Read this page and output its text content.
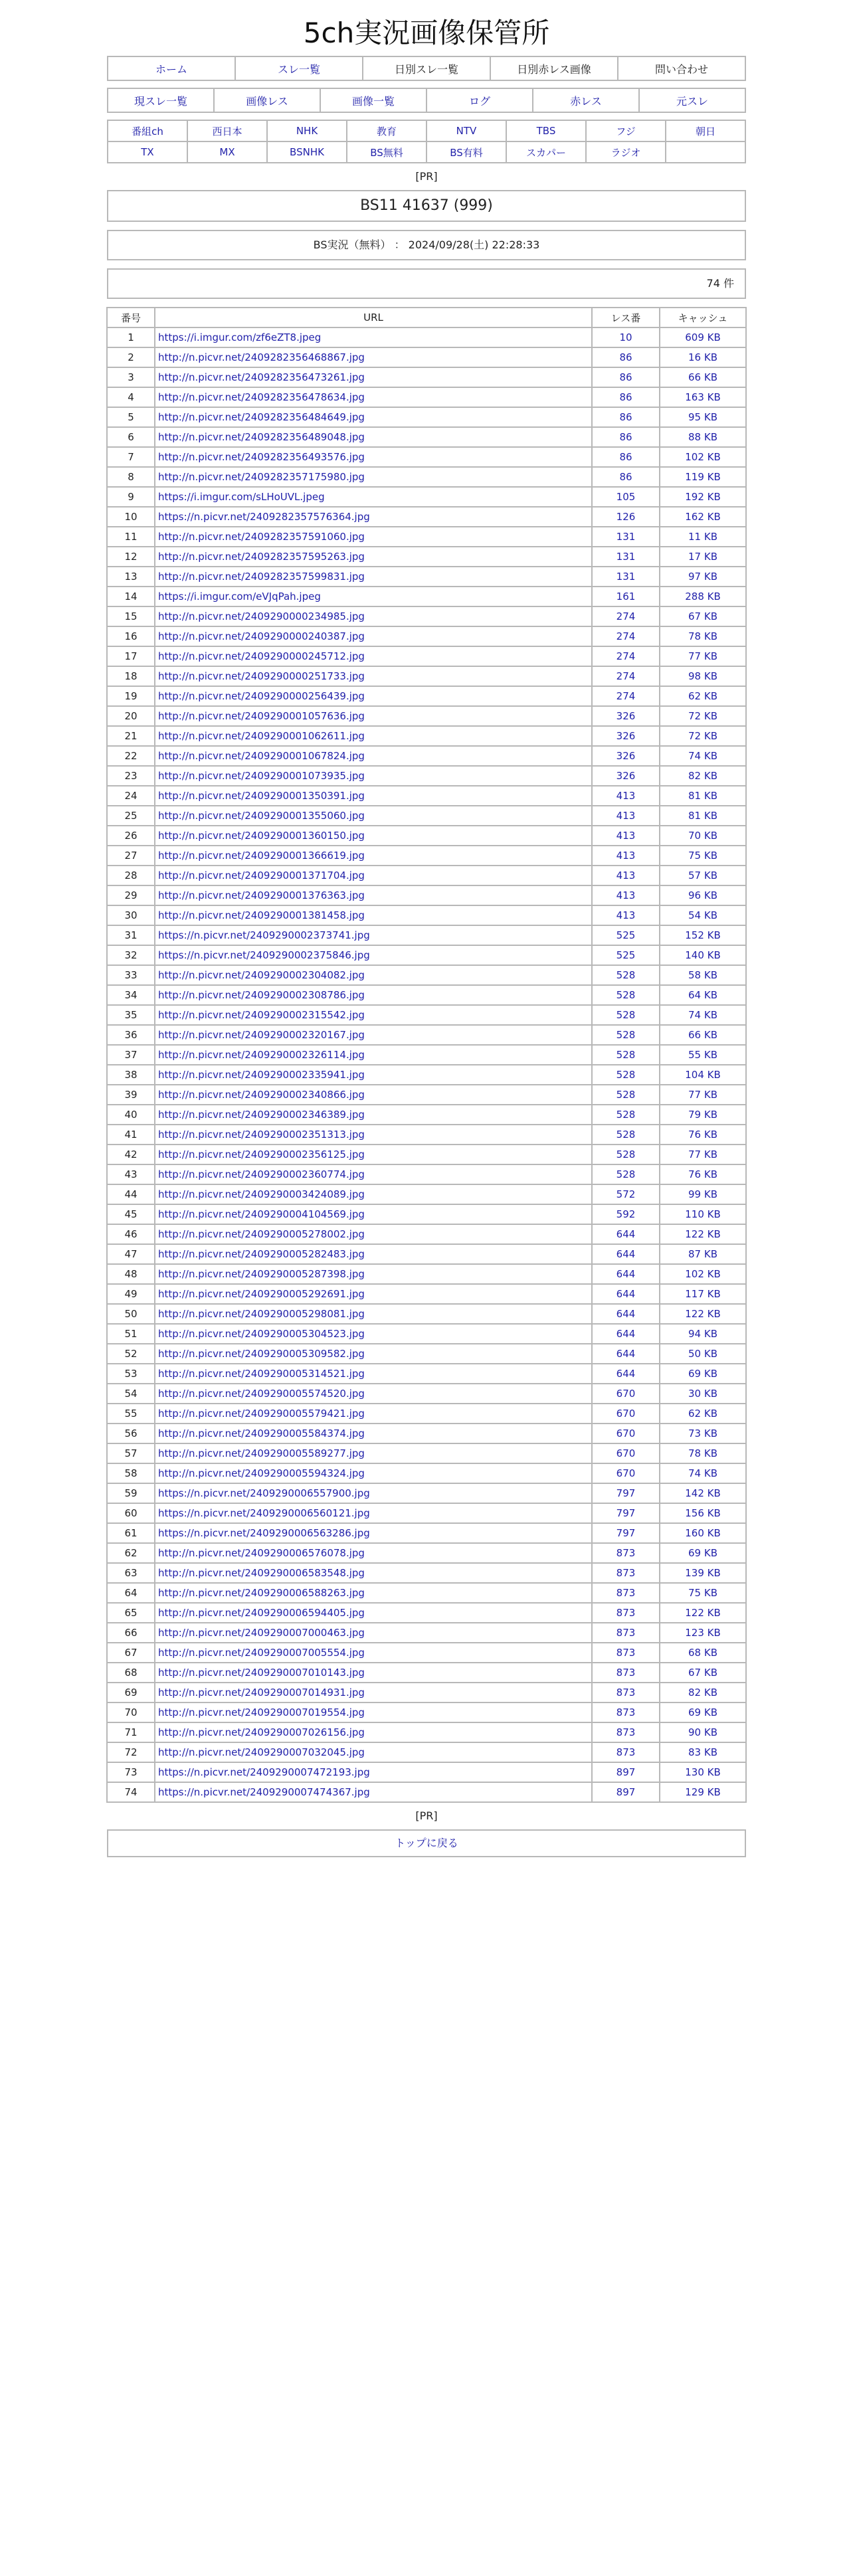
5ch実況画像保管所
ホーム	スレ一覧	日別スレ一覧	日別赤レス画像	問い合わせ
現スレ一覧	画像レス	画像一覧	ログ	赤レス	元スレ
番組ch	西日本	NHK	教育	NTV	TBS	フジ	朝日
TX	MX	BSNHK	BS無料	BS有料	スカパー	ラジオ	
[PR]
BS11 41637 (999)
BS実況（無料） ： 2024/09/28(土) 22:28:33
74 件
番号	URL	レス番	キャッシュ
1	https://i.imgur.com/zf6eZT8.jpeg	10	609 KB
2	http://n.picvr.net/2409282356468867.jpg	86	16 KB
3	http://n.picvr.net/2409282356473261.jpg	86	66 KB
4	http://n.picvr.net/2409282356478634.jpg	86	163 KB
5	http://n.picvr.net/2409282356484649.jpg	86	95 KB
6	http://n.picvr.net/2409282356489048.jpg	86	88 KB
7	http://n.picvr.net/2409282356493576.jpg	86	102 KB
8	http://n.picvr.net/2409282357175980.jpg	86	119 KB
9	https://i.imgur.com/sLHoUVL.jpeg	105	192 KB
10	https://n.picvr.net/2409282357576364.jpg	126	162 KB
11	http://n.picvr.net/2409282357591060.jpg	131	11 KB
12	http://n.picvr.net/2409282357595263.jpg	131	17 KB
13	http://n.picvr.net/2409282357599831.jpg	131	97 KB
14	https://i.imgur.com/eVJqPah.jpeg	161	288 KB
15	http://n.picvr.net/2409290000234985.jpg	274	67 KB
16	http://n.picvr.net/2409290000240387.jpg	274	78 KB
17	http://n.picvr.net/2409290000245712.jpg	274	77 KB
18	http://n.picvr.net/2409290000251733.jpg	274	98 KB
19	http://n.picvr.net/2409290000256439.jpg	274	62 KB
20	http://n.picvr.net/2409290001057636.jpg	326	72 KB
21	http://n.picvr.net/2409290001062611.jpg	326	72 KB
22	http://n.picvr.net/2409290001067824.jpg	326	74 KB
23	http://n.picvr.net/2409290001073935.jpg	326	82 KB
24	http://n.picvr.net/2409290001350391.jpg	413	81 KB
25	http://n.picvr.net/2409290001355060.jpg	413	81 KB
26	http://n.picvr.net/2409290001360150.jpg	413	70 KB
27	http://n.picvr.net/2409290001366619.jpg	413	75 KB
28	http://n.picvr.net/2409290001371704.jpg	413	57 KB
29	http://n.picvr.net/2409290001376363.jpg	413	96 KB
30	http://n.picvr.net/2409290001381458.jpg	413	54 KB
31	https://n.picvr.net/2409290002373741.jpg	525	152 KB
32	https://n.picvr.net/2409290002375846.jpg	525	140 KB
33	http://n.picvr.net/2409290002304082.jpg	528	58 KB
34	http://n.picvr.net/2409290002308786.jpg	528	64 KB
35	http://n.picvr.net/2409290002315542.jpg	528	74 KB
36	http://n.picvr.net/2409290002320167.jpg	528	66 KB
37	http://n.picvr.net/2409290002326114.jpg	528	55 KB
38	http://n.picvr.net/2409290002335941.jpg	528	104 KB
39	http://n.picvr.net/2409290002340866.jpg	528	77 KB
40	http://n.picvr.net/2409290002346389.jpg	528	79 KB
41	http://n.picvr.net/2409290002351313.jpg	528	76 KB
42	http://n.picvr.net/2409290002356125.jpg	528	77 KB
43	http://n.picvr.net/2409290002360774.jpg	528	76 KB
44	http://n.picvr.net/2409290003424089.jpg	572	99 KB
45	http://n.picvr.net/2409290004104569.jpg	592	110 KB
46	http://n.picvr.net/2409290005278002.jpg	644	122 KB
47	http://n.picvr.net/2409290005282483.jpg	644	87 KB
48	http://n.picvr.net/2409290005287398.jpg	644	102 KB
49	http://n.picvr.net/2409290005292691.jpg	644	117 KB
50	http://n.picvr.net/2409290005298081.jpg	644	122 KB
51	http://n.picvr.net/2409290005304523.jpg	644	94 KB
52	http://n.picvr.net/2409290005309582.jpg	644	50 KB
53	http://n.picvr.net/2409290005314521.jpg	644	69 KB
54	http://n.picvr.net/2409290005574520.jpg	670	30 KB
55	http://n.picvr.net/2409290005579421.jpg	670	62 KB
56	http://n.picvr.net/2409290005584374.jpg	670	73 KB
57	http://n.picvr.net/2409290005589277.jpg	670	78 KB
58	http://n.picvr.net/2409290005594324.jpg	670	74 KB
59	https://n.picvr.net/2409290006557900.jpg	797	142 KB
60	https://n.picvr.net/2409290006560121.jpg	797	156 KB
61	https://n.picvr.net/2409290006563286.jpg	797	160 KB
62	http://n.picvr.net/2409290006576078.jpg	873	69 KB
63	http://n.picvr.net/2409290006583548.jpg	873	139 KB
64	http://n.picvr.net/2409290006588263.jpg	873	75 KB
65	http://n.picvr.net/2409290006594405.jpg	873	122 KB
66	http://n.picvr.net/2409290007000463.jpg	873	123 KB
67	http://n.picvr.net/2409290007005554.jpg	873	68 KB
68	http://n.picvr.net/2409290007010143.jpg	873	67 KB
69	http://n.picvr.net/2409290007014931.jpg	873	82 KB
70	http://n.picvr.net/2409290007019554.jpg	873	69 KB
71	http://n.picvr.net/2409290007026156.jpg	873	90 KB
72	http://n.picvr.net/2409290007032045.jpg	873	83 KB
73	https://n.picvr.net/2409290007472193.jpg	897	130 KB
74	https://n.picvr.net/2409290007474367.jpg	897	129 KB
[PR]
トップに戻る
